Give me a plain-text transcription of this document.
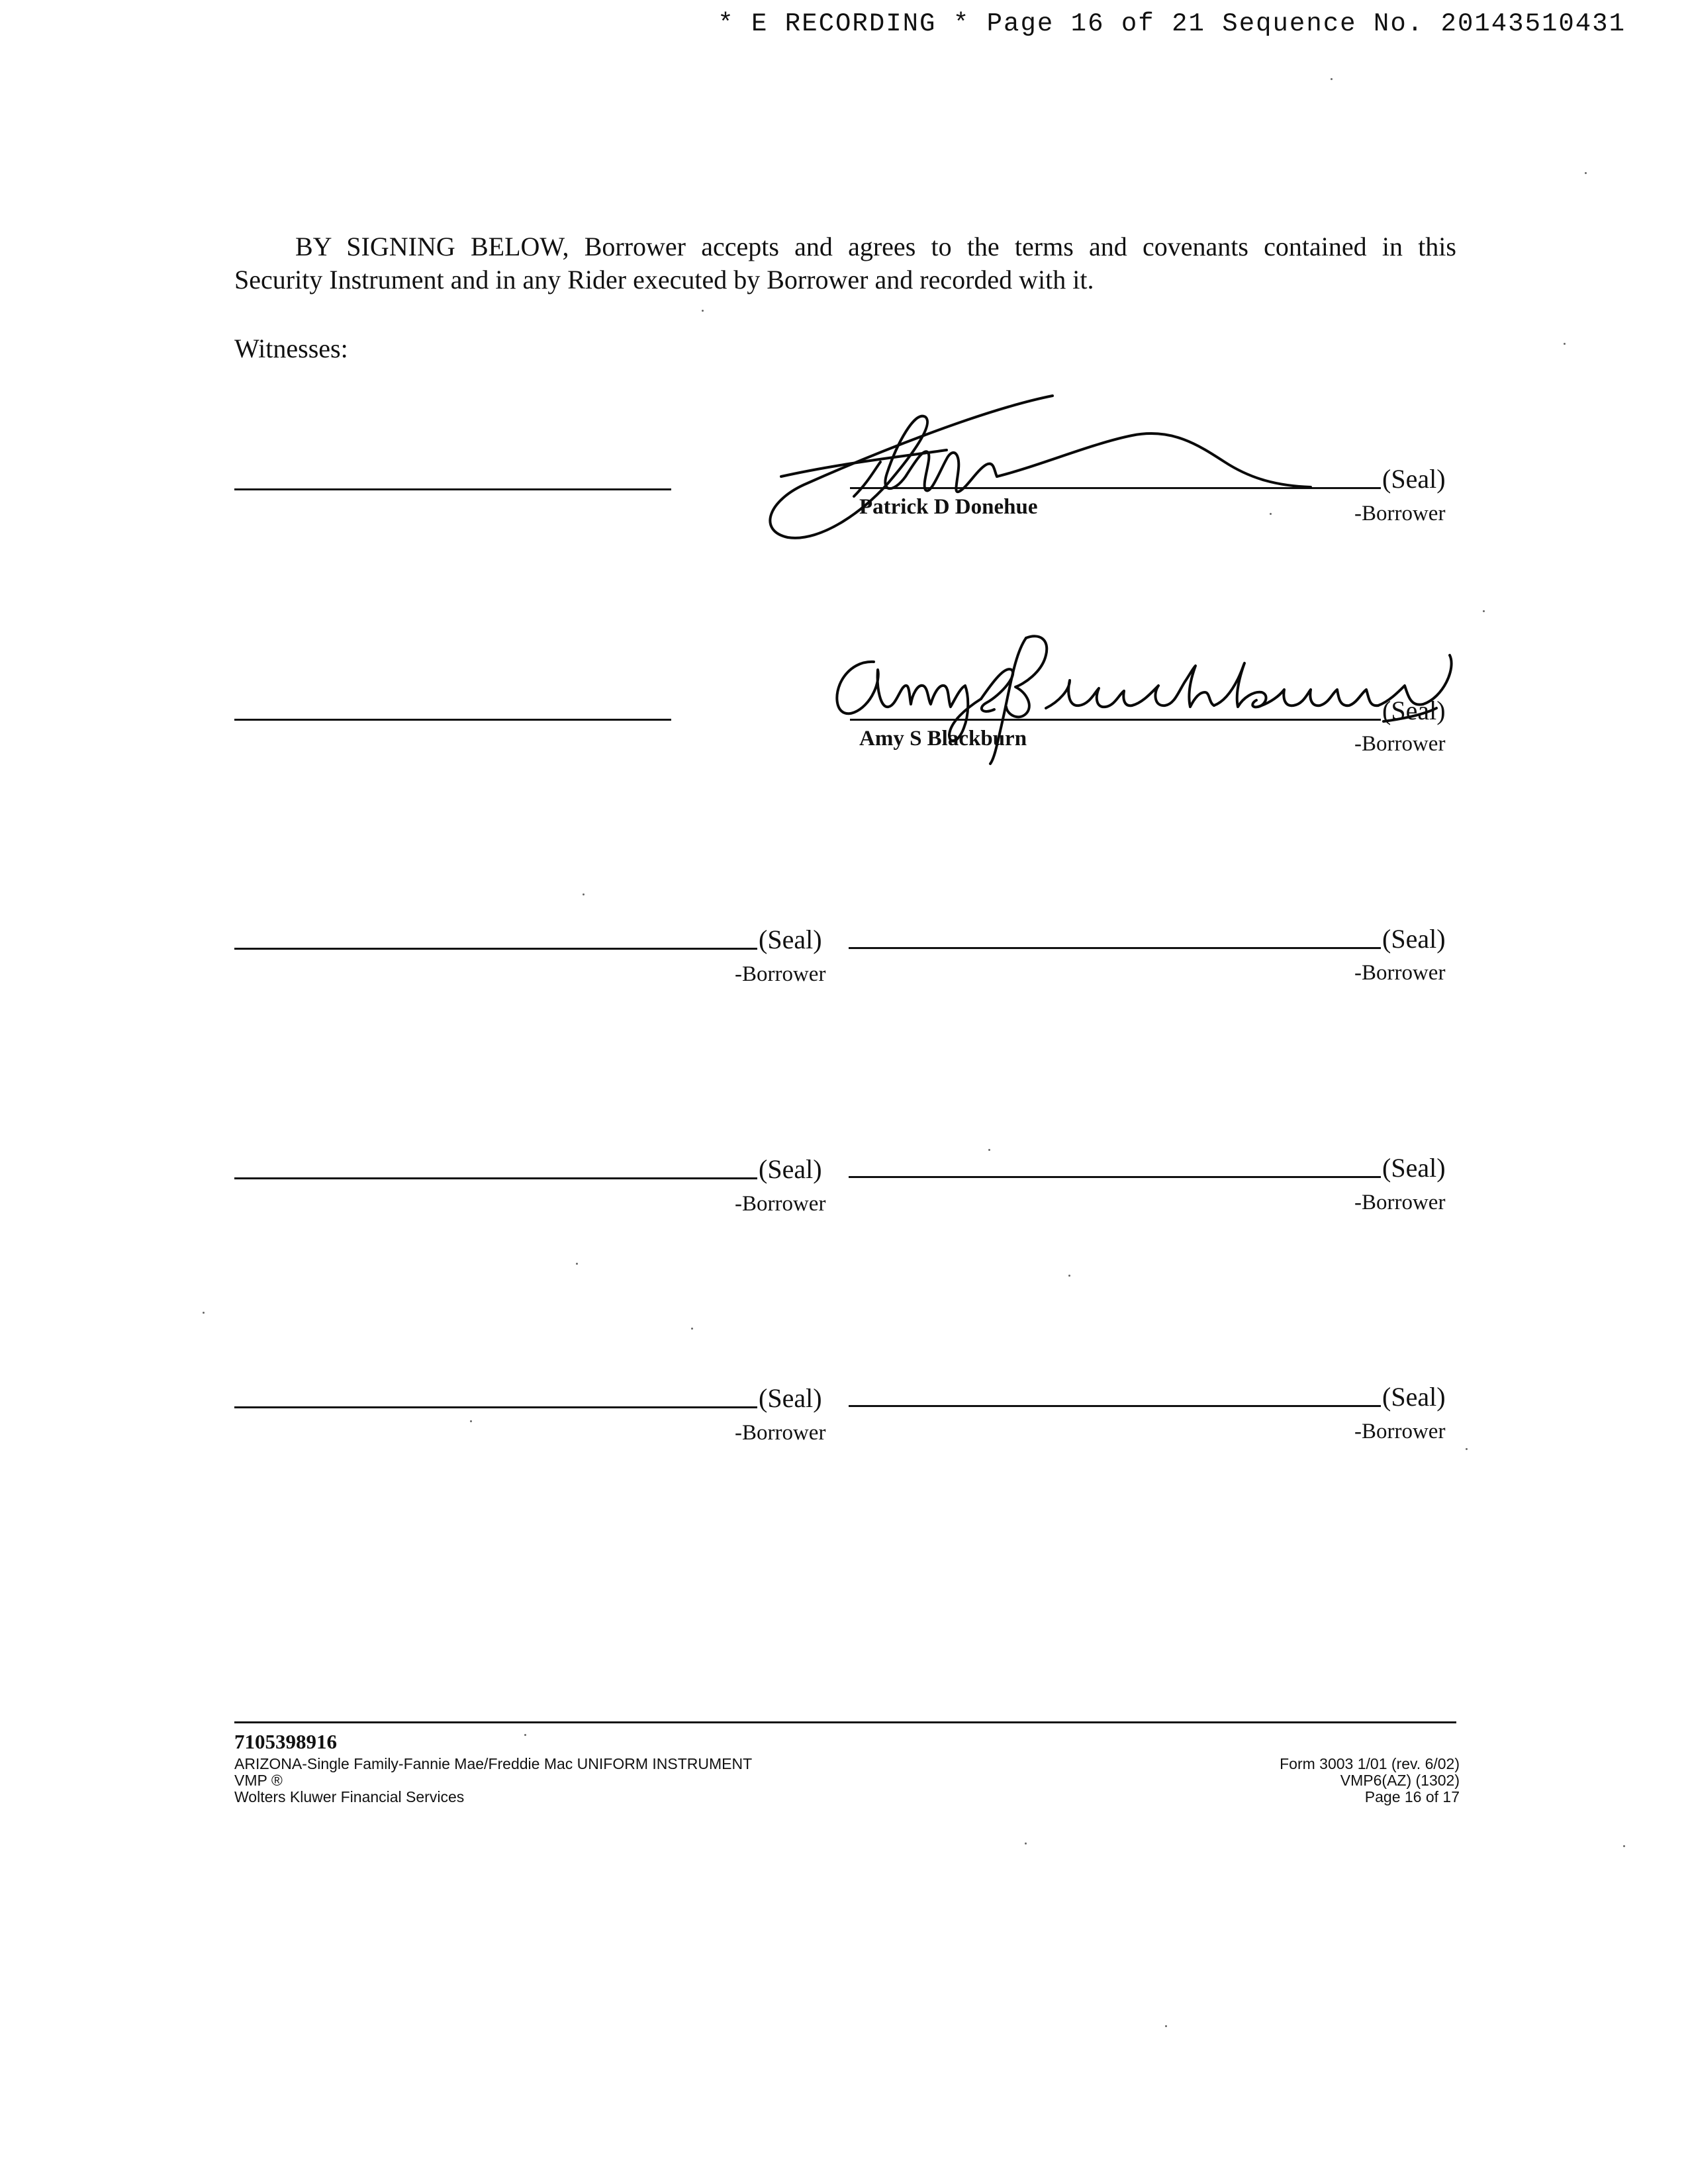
* E RECORDING * Page 16 of 21 Sequence No. 20143510431
BY SIGNING BELOW, Borrower accepts and agrees to the terms and covenants contained in this
Security Instrument and in any Rider executed by Borrower and recorded with it.
Witnesses:
(Seal)
-Borrower
Patrick D Donehue
(Seal)
-Borrower
Amy S Blackburn
(Seal)
-Borrower
(Seal)
-Borrower
(Seal)
-Borrower
(Seal)
-Borrower
(Seal)
-Borrower
(Seal)
-Borrower
7105398916
ARIZONA-Single Family-Fannie Mae/Freddie Mac UNIFORM INSTRUMENT
VMP ®
Wolters Kluwer Financial Services
Form 3003 1/01 (rev. 6/02)
VMP6(AZ) (1302)
Page 16 of 17
